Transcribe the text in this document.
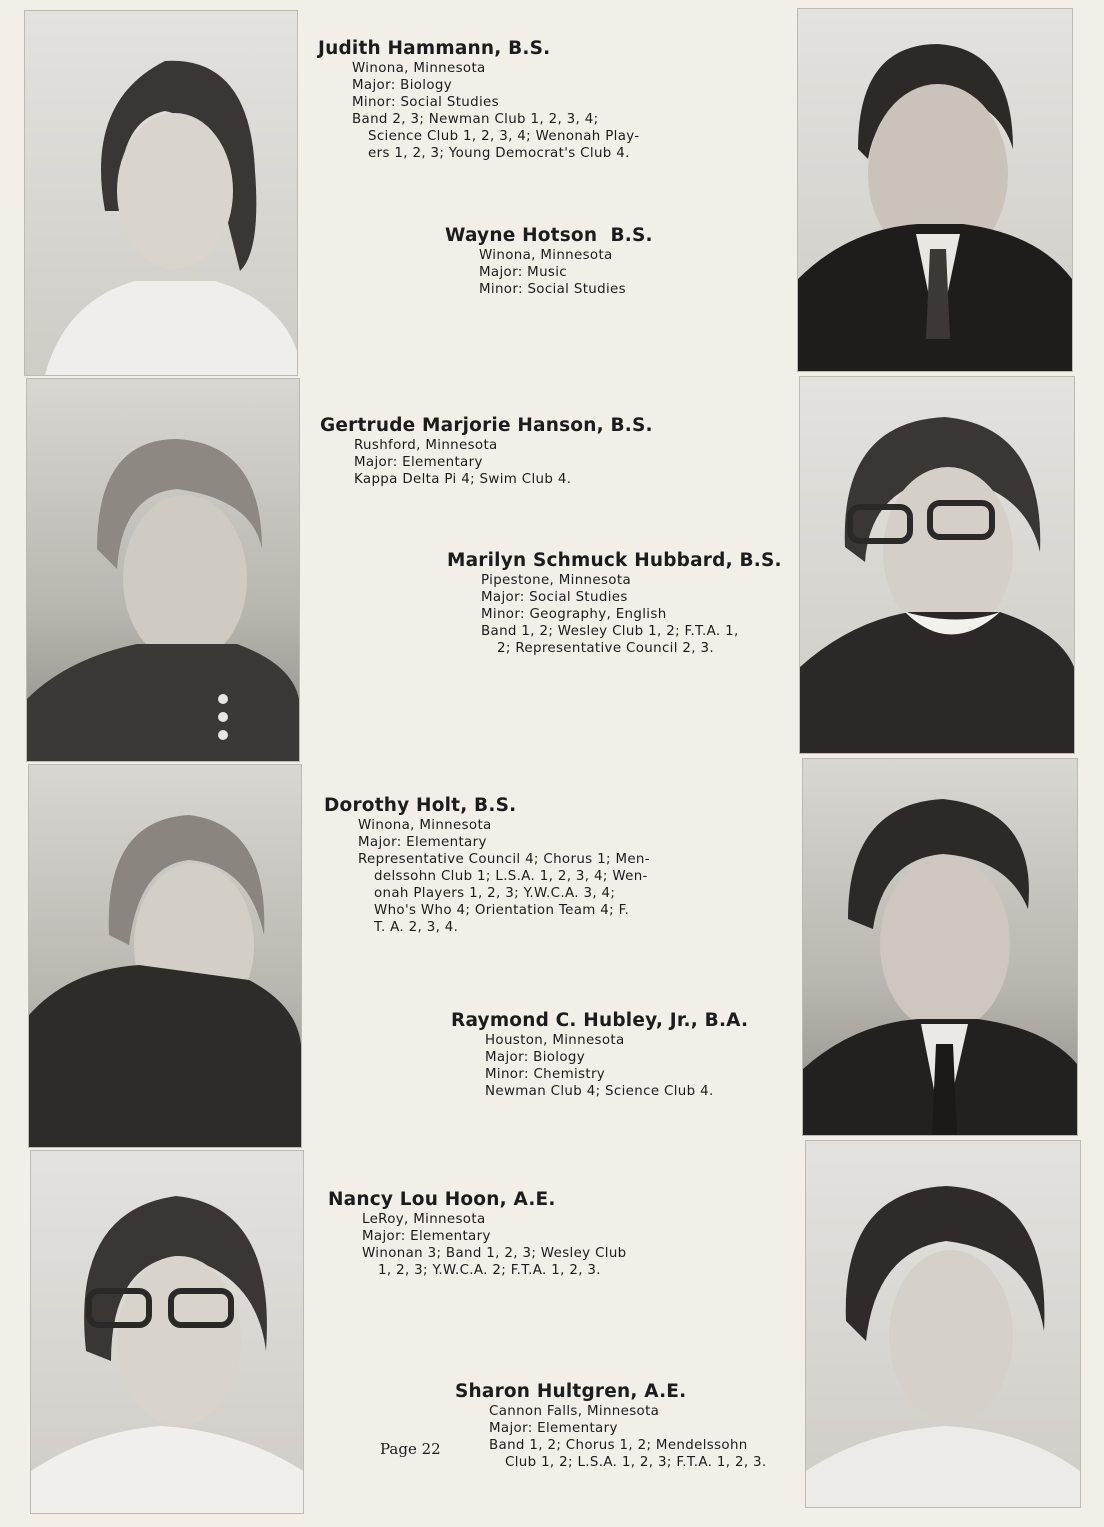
Judith Hammann, B.S.
Winona, Minnesota
Major: Biology
Minor: Social Studies
Band 2, 3; Newman Club 1, 2, 3, 4;
Science Club 1, 2, 3, 4; Wenonah Play-
ers 1, 2, 3; Young Democrat's Club 4.
Wayne Hotson  B.S.
Winona, Minnesota
Major: Music
Minor: Social Studies
Gertrude Marjorie Hanson, B.S.
Rushford, Minnesota
Major: Elementary
Kappa Delta Pi 4; Swim Club 4.
Marilyn Schmuck Hubbard, B.S.
Pipestone, Minnesota
Major: Social Studies
Minor: Geography, English
Band 1, 2; Wesley Club 1, 2; F.T.A. 1,
2; Representative Council 2, 3.
Dorothy Holt, B.S.
Winona, Minnesota
Major: Elementary
Representative Council 4; Chorus 1; Men-
delssohn Club 1; L.S.A. 1, 2, 3, 4; Wen-
onah Players 1, 2, 3; Y.W.C.A. 3, 4;
Who's Who 4; Orientation Team 4; F.
T. A. 2, 3, 4.
Raymond C. Hubley, Jr., B.A.
Houston, Minnesota
Major: Biology
Minor: Chemistry
Newman Club 4; Science Club 4.
Nancy Lou Hoon, A.E.
LeRoy, Minnesota
Major: Elementary
Winonan 3; Band 1, 2, 3; Wesley Club
1, 2, 3; Y.W.C.A. 2; F.T.A. 1, 2, 3.
Sharon Hultgren, A.E.
Cannon Falls, Minnesota
Major: Elementary
Band 1, 2; Chorus 1, 2; Mendelssohn
Club 1, 2; L.S.A. 1, 2, 3; F.T.A. 1, 2, 3.
Page 22
